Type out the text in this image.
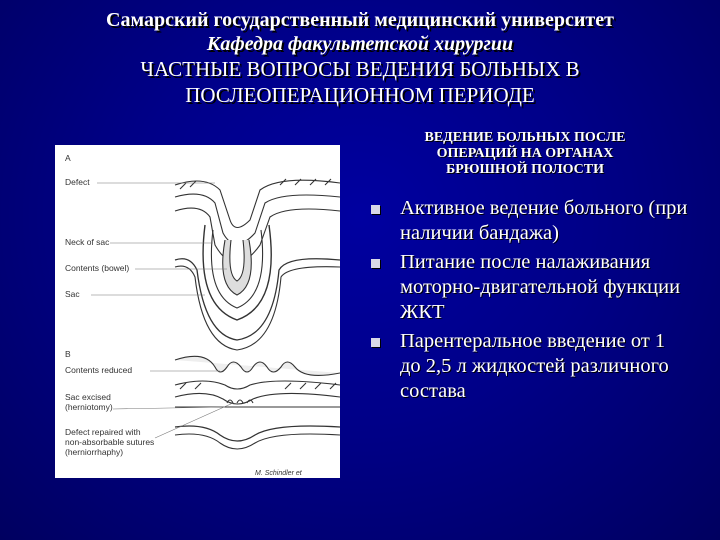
Самарский государственный медицинский университет
Кафедра факультетской хирургии
ЧАСТНЫЕ ВОПРОСЫ ВЕДЕНИЯ БОЛЬНЫХ В
ПОСЛЕОПЕРАЦИОННОМ ПЕРИОДЕ
ВЕДЕНИЕ БОЛЬНЫХ ПОСЛЕ
ОПЕРАЦИЙ НА ОРГАНАХ
БРЮШНОЙ ПОЛОСТИ
A
Defect
Neck of sac
Contents (bowel)
Sac
B
Contents reduced
Sac excised
(herniotomy)
Defect repaired with
non-absorbable sutures
(herniorrhaphy)
M. Schindler et
Активное ведение больного (при наличии бандажа)
Питание после налаживания моторно-двигательной функции ЖКТ
Парентеральное введение от 1 до 2,5 л жидкостей различного состава
